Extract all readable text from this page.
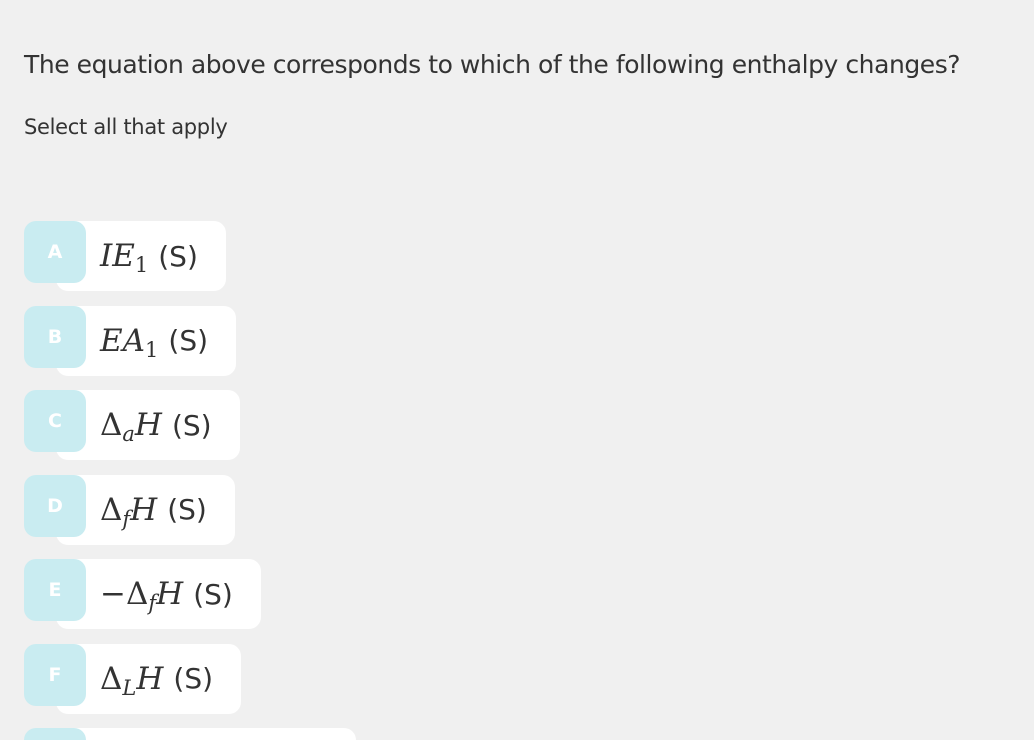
The equation above corresponds to which of the following enthalpy changes?

Select all that apply

A	$IE_1$ (S)
B	$EA_1$ (S)
C	$\Delta_aH$ (S)
D	$\Delta_fH$ (S)
E	$-\Delta_fH$ (S)
F	$\Delta_LH$ (S)
